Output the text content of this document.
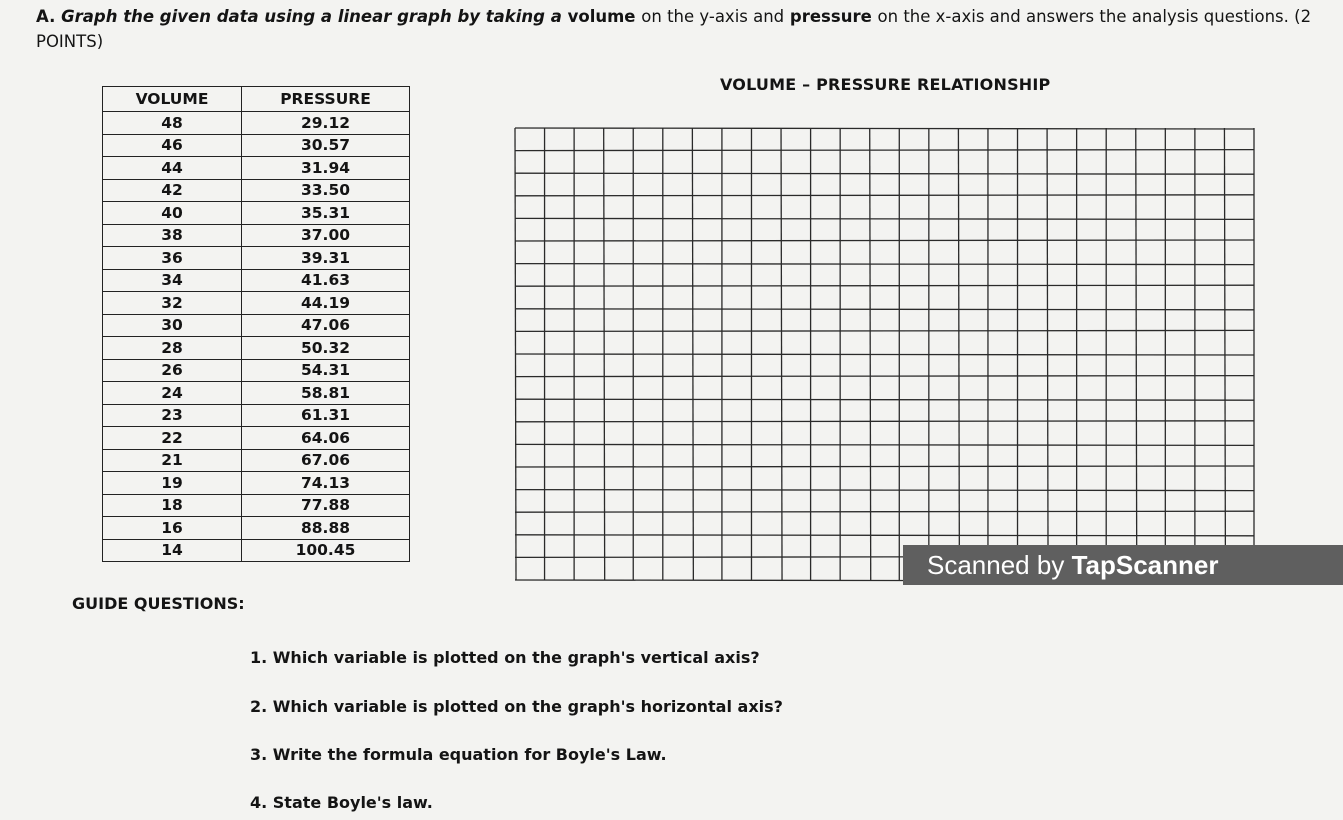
A. Graph the given data using a linear graph by taking a volume on the y-axis and pressure on the x-axis and answers the analysis questions. (2 POINTS)
VOLUME	PRESSURE
48	29.12
46	30.57
44	31.94
42	33.50
40	35.31
38	37.00
36	39.31
34	41.63
32	44.19
30	47.06
28	50.32
26	54.31
24	58.81
23	61.31
22	64.06
21	67.06
19	74.13
18	77.88
16	88.88
14	100.45
VOLUME – PRESSURE RELATIONSHIP
Scanned by TapScanner
GUIDE QUESTIONS:
1. Which variable is plotted on the graph's vertical axis?
2. Which variable is plotted on the graph's horizontal axis?
3. Write the formula equation for Boyle's Law.
4. State Boyle's law.
